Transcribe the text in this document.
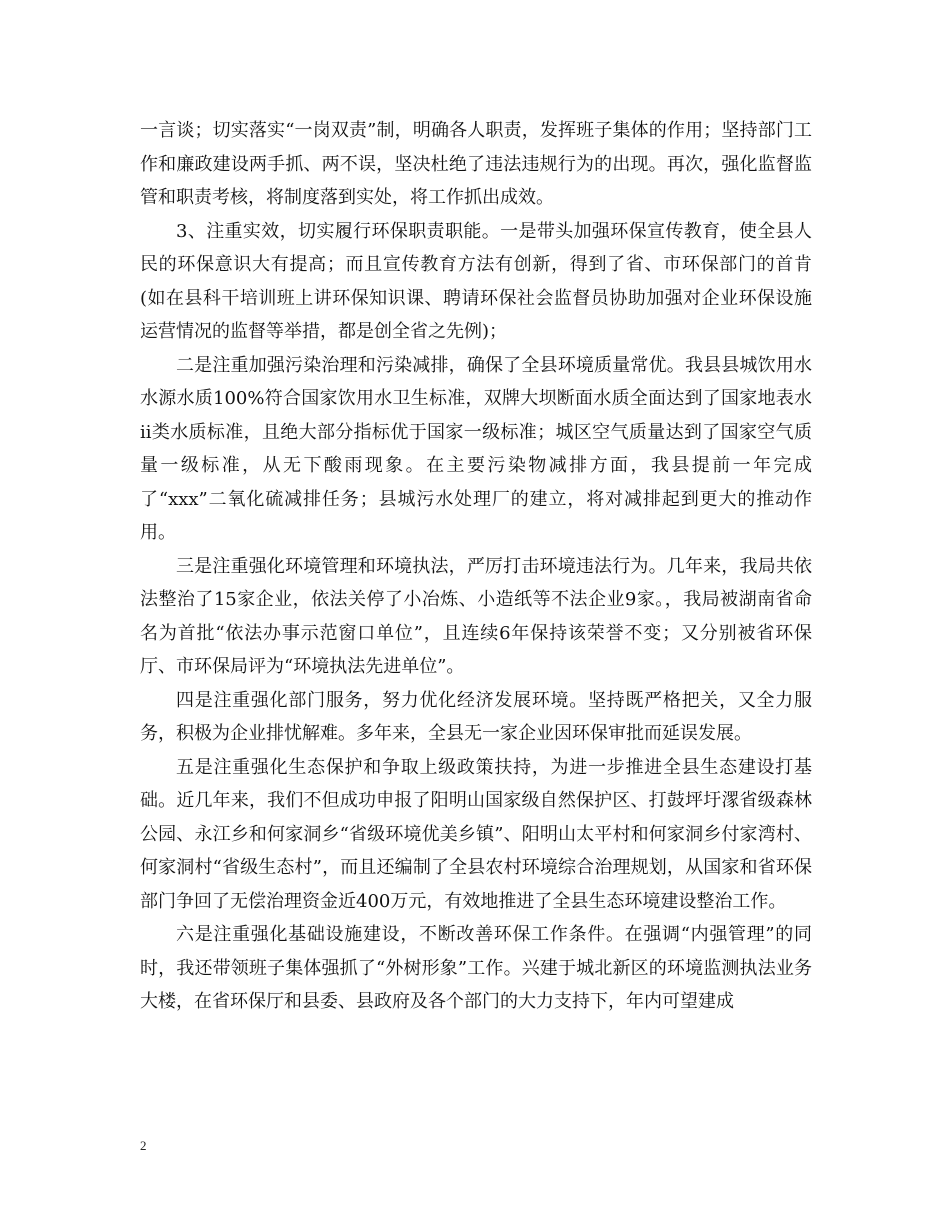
一言谈；切实落实“一岗双责”制，明确各人职责，发挥班子集体的作用；坚持部门工作和廉政建设两手抓、两不误，坚决杜绝了违法违规行为的出现。再次，强化监督监管和职责考核，将制度落到实处，将工作抓出成效。

3、注重实效，切实履行环保职责职能。一是带头加强环保宣传教育，使全县人民的环保意识大有提高；而且宣传教育方法有创新，得到了省、市环保部门的首肯(如在县科干培训班上讲环保知识课、聘请环保社会监督员协助加强对企业环保设施运营情况的监督等举措，都是创全省之先例)；

二是注重加强污染治理和污染减排，确保了全县环境质量常优。我县县城饮用水水源水质100%符合国家饮用水卫生标准，双牌大坝断面水质全面达到了国家地表水ii类水质标准，且绝大部分指标优于国家一级标准；城区空气质量达到了国家空气质量一级标准，从无下酸雨现象。在主要污染物减排方面，我县提前一年完成了“xxx”二氧化硫减排任务；县城污水处理厂的建立，将对减排起到更大的推动作用。

三是注重强化环境管理和环境执法，严厉打击环境违法行为。几年来，我局共依法整治了15家企业，依法关停了小冶炼、小造纸等不法企业9家。，我局被湖南省命名为首批“依法办事示范窗口单位”，且连续6年保持该荣誉不变；又分别被省环保厅、市环保局评为“环境执法先进单位”。

四是注重强化部门服务，努力优化经济发展环境。坚持既严格把关，又全力服务，积极为企业排忧解难。多年来，全县无一家企业因环保审批而延误发展。

五是注重强化生态保护和争取上级政策扶持，为进一步推进全县生态建设打基础。近几年来，我们不但成功申报了阳明山国家级自然保护区、打鼓坪圩潈省级森林公园、永江乡和何家洞乡“省级环境优美乡镇”、阳明山太平村和何家洞乡付家湾村、何家洞村“省级生态村”，而且还编制了全县农村环境综合治理规划，从国家和省环保部门争回了无偿治理资金近400万元，有效地推进了全县生态环境建设整治工作。

六是注重强化基础设施建设，不断改善环保工作条件。在强调“内强管理”的同时，我还带领班子集体强抓了“外树形象”工作。兴建于城北新区的环境监测执法业务大楼，在省环保厅和县委、县政府及各个部门的大力支持下，年内可望建成

2
